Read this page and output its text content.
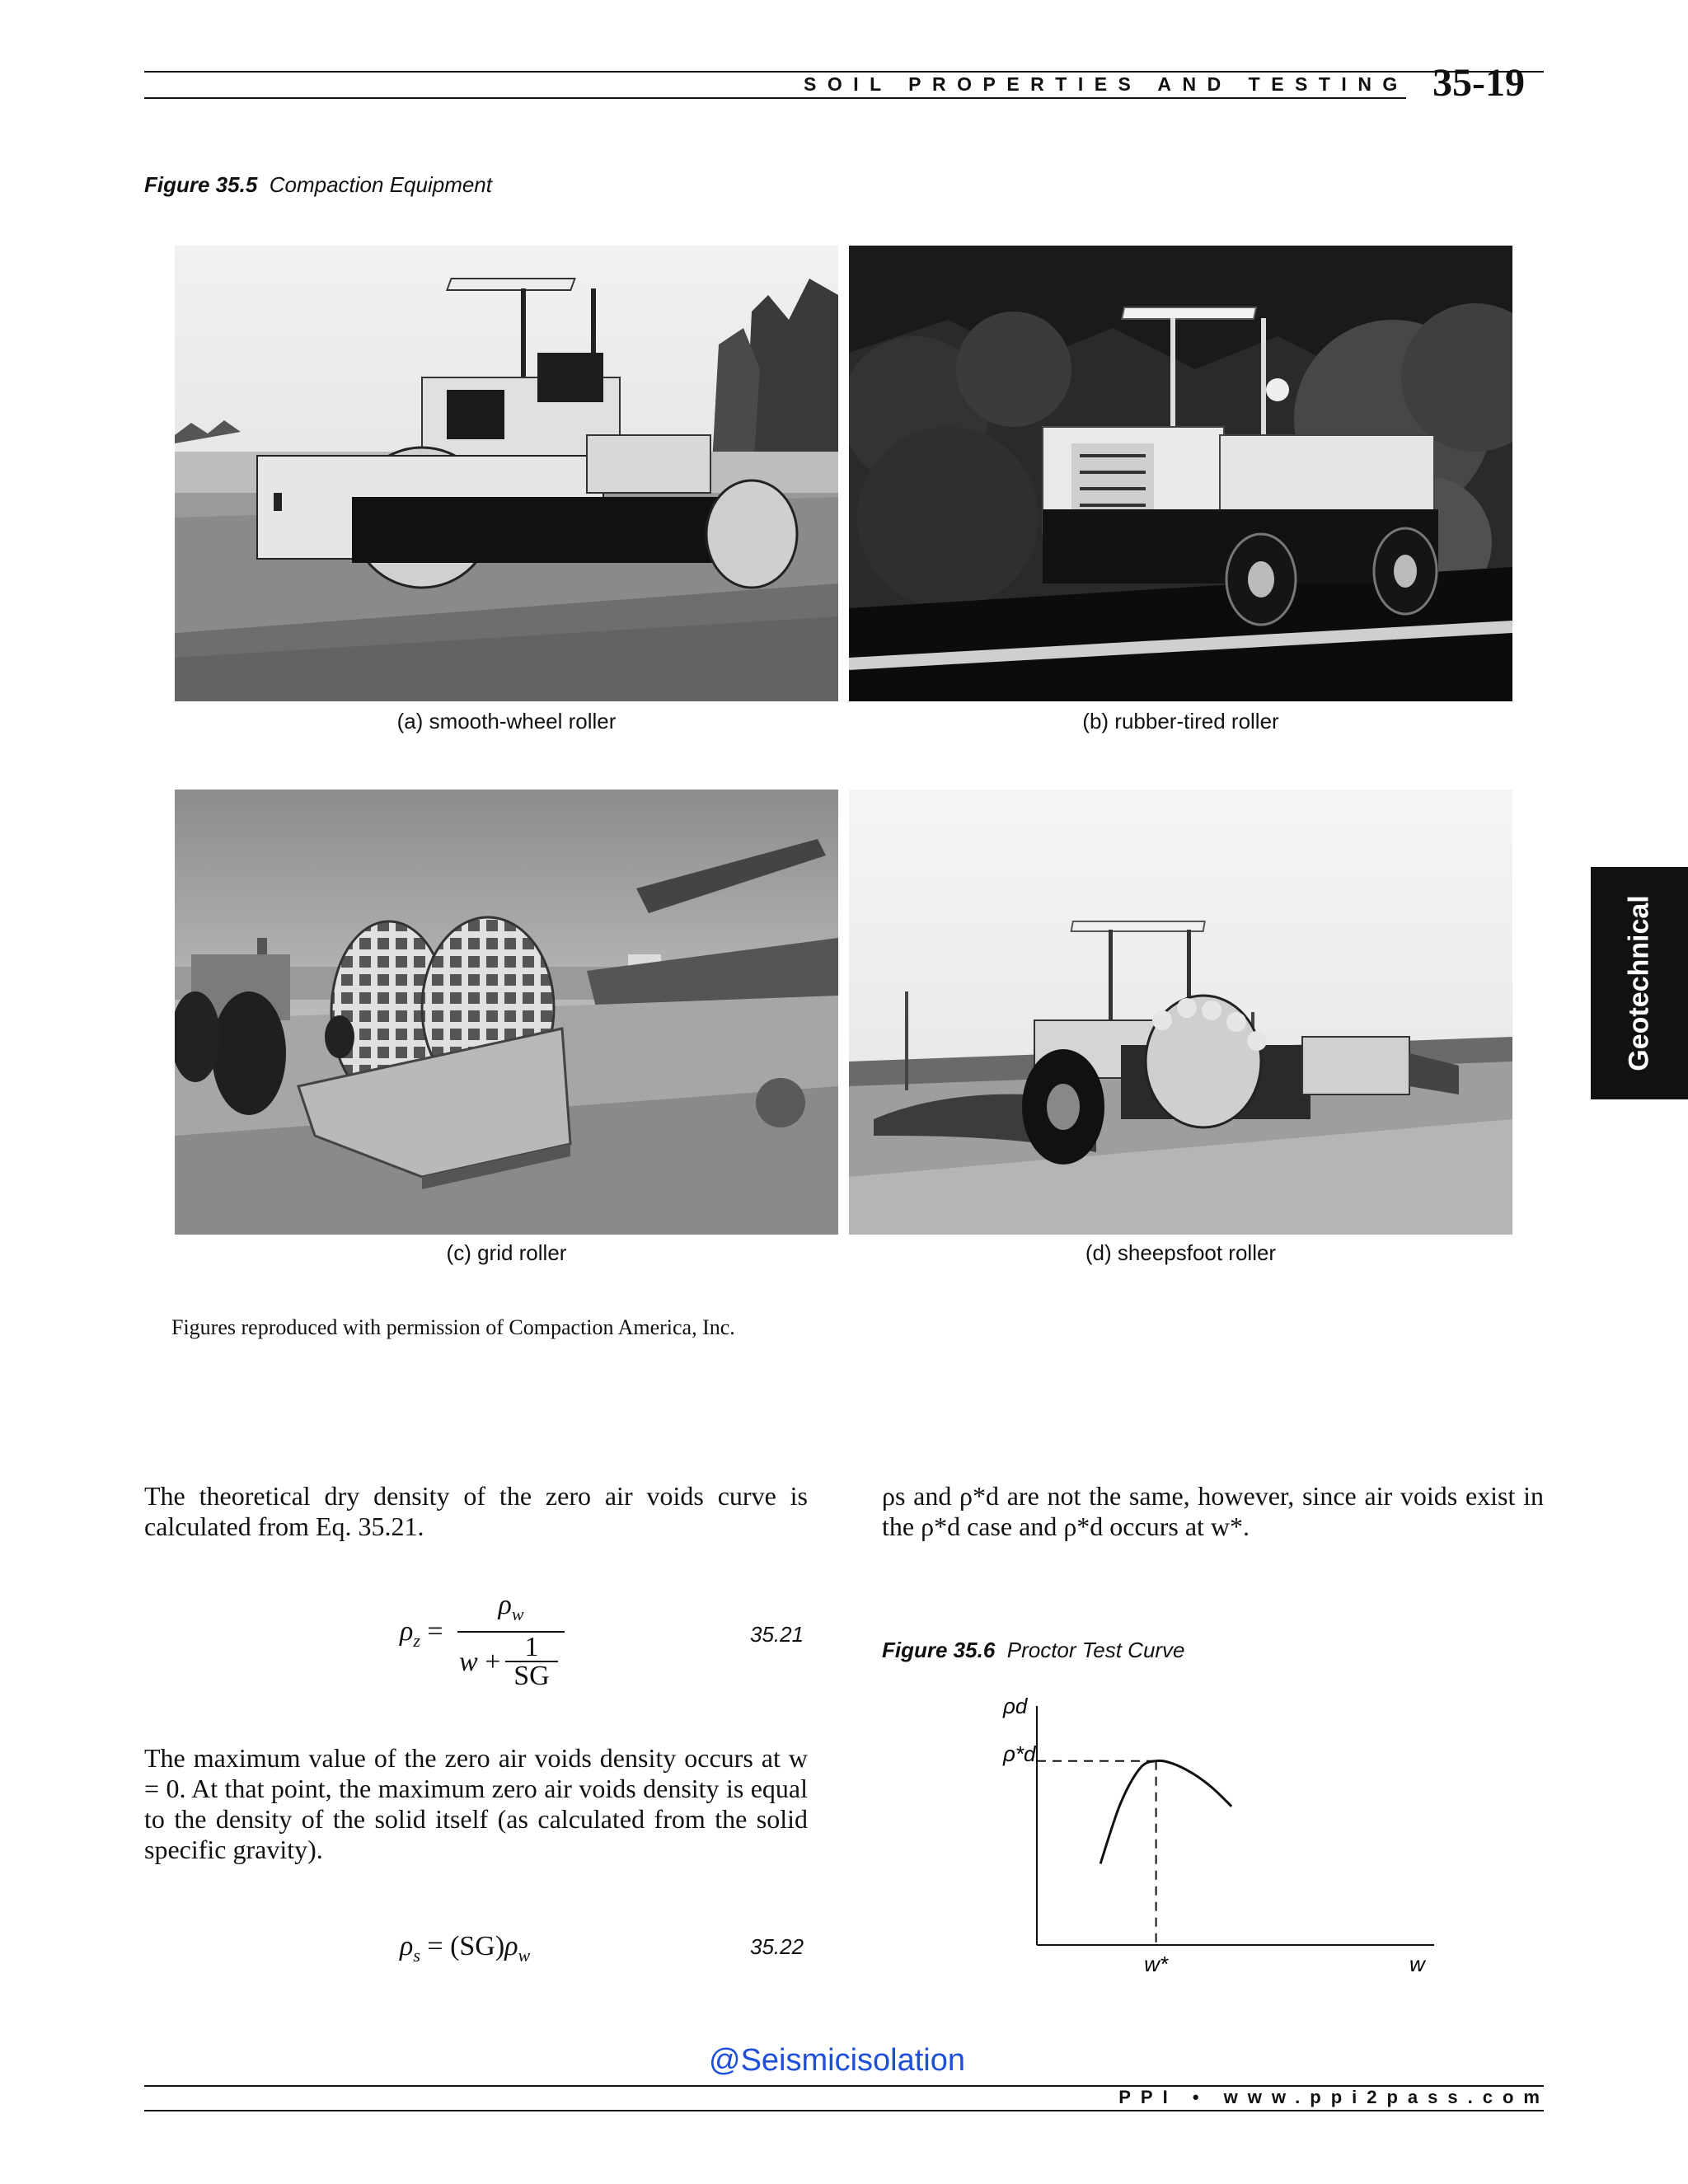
SOIL PROPERTIES AND TESTING 35-19
Figure 35.5 Compaction Equipment
(a) smooth-wheel roller	(b) rubber-tired roller
(c) grid roller	(d) sheepsfoot roller
Figures reproduced with permission of Compaction America, Inc.
The theoretical dry density of the zero air voids curve is calculated from Eq. 35.21.
$\rho_z$ =
$\rho_w$
w + 1
SG
35.21
The maximum value of the zero air voids density occurs at w = 0. At that point, the maximum zero air voids density is equal to the density of the solid itself (as calculated from the solid specific gravity).
$\rho_s = (SG)\rho_w$	35.22
ρs and ρ*d are not the same, however, since air voids exist in the ρ*d case and ρ*d occurs at w*.
Figure 35.6 Proctor Test Curve
ρd
ρ*d
w*	w
Geotechnical
@Seismicisolation
PPI • www.ppi2pass.com
